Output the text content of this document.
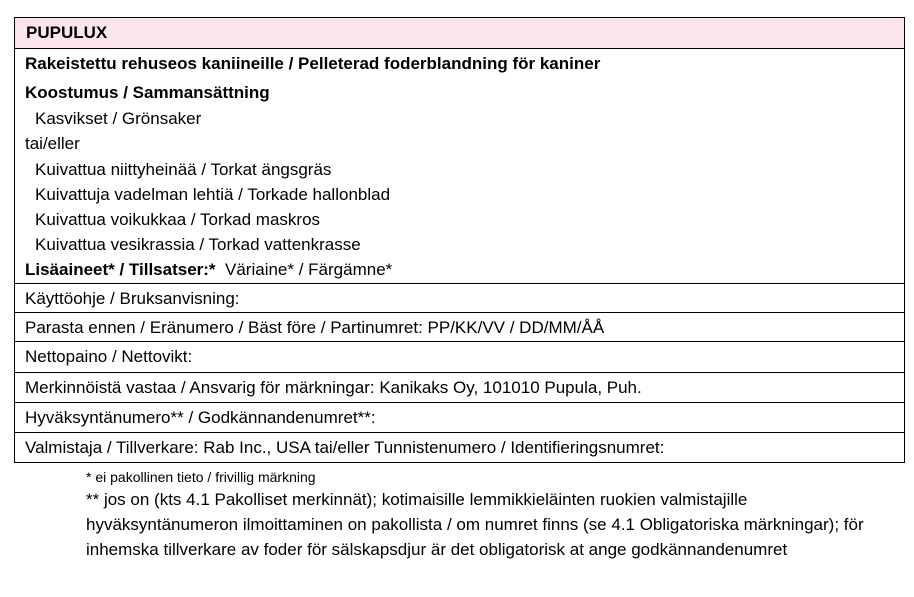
PUPULUX
Rakeistettu rehuseos kaniineille / Pelleterad foderblandning för kaniner
Koostumus / Sammansättning
Kasvikset / Grönsaker
tai/eller
Kuivattua niittyheinää / Torkat ängsgräs
Kuivattuja vadelman lehtiä / Torkade hallonblad
Kuivattua voikukkaa / Torkad maskros
Kuivattua vesikrassia / Torkad vattenkrasse
Lisäaineet* / Tillsatser:* Väriaine* / Färgämne*
Käyttöohje / Bruksanvisning:
Parasta ennen / Eränumero / Bäst före / Partinumret: PP/KK/VV / DD/MM/ÅÅ
Nettopaino / Nettovikt:
Merkinnöistä vastaa / Ansvarig för märkningar: Kanikaks Oy, 101010 Pupula, Puh.
Hyväksyntänumero** / Godkännandenumret**:
Valmistaja / Tillverkare: Rab Inc., USA tai/eller Tunnistenumero / Identifieringsnumret:
* ei pakollinen tieto / frivillig märkning
** jos on (kts 4.1 Pakolliset merkinnät); kotimaisille lemmikkieläinten ruokien valmistajille hyväksyntänumeron ilmoittaminen on pakollista / om numret finns (se 4.1 Obligatoriska märkningar); för inhemska tillverkare av foder för sälskapsdjur är det obligatorisk at ange godkännandenumret
